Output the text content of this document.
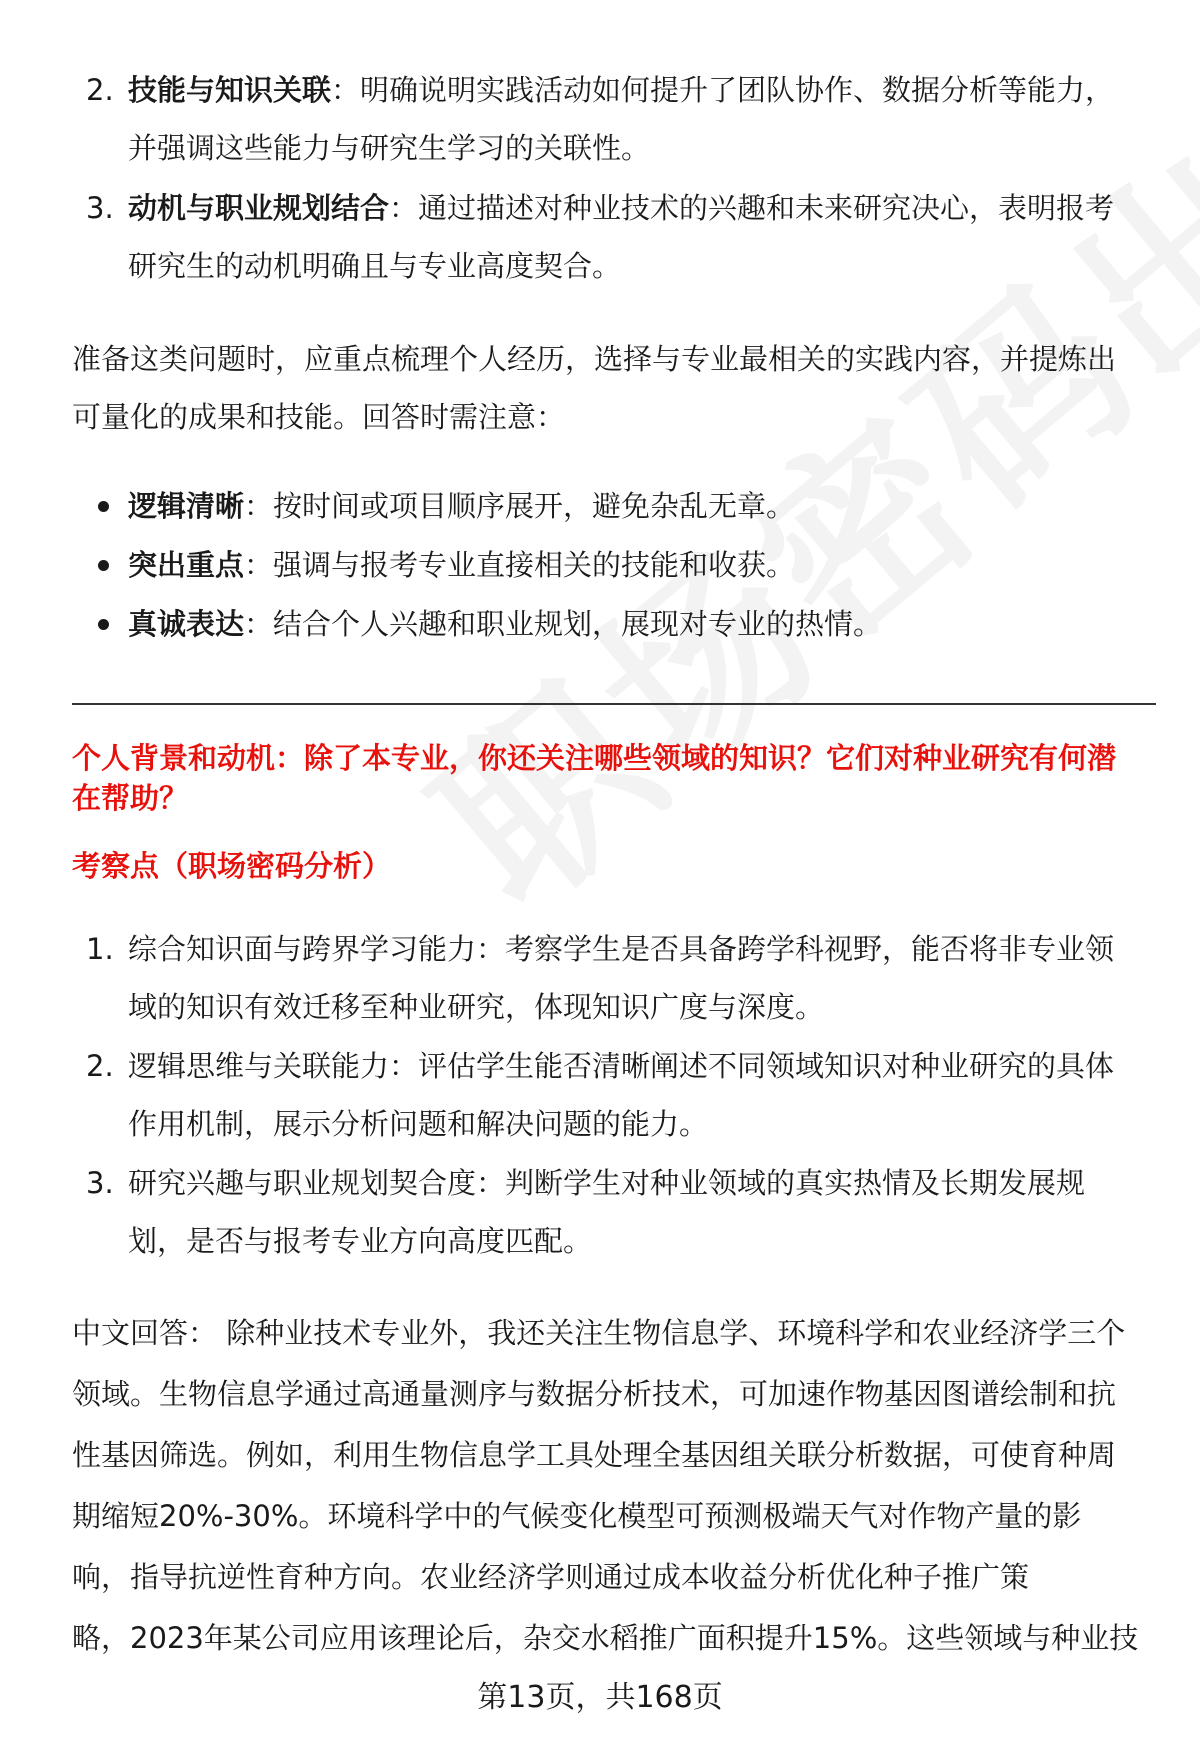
2. 技能与知识关联：明确说明实践活动如何提升了团队协作、数据分析等能力，
并强调这些能力与研究生学习的关联性。
3. 动机与职业规划结合：通过描述对种业技术的兴趣和未来研究决心，表明报考
研究生的动机明确且与专业高度契合。
准备这类问题时，应重点梳理个人经历，选择与专业最相关的实践内容，并提炼出
可量化的成果和技能。回答时需注意：
逻辑清晰：按时间或项目顺序展开，避免杂乱无章。
突出重点：强调与报考专业直接相关的技能和收获。
真诚表达：结合个人兴趣和职业规划，展现对专业的热情。
个人背景和动机：除了本专业，你还关注哪些领域的知识？它们对种业研究有何潜
在帮助？
考察点（职场密码分析）
1. 综合知识面与跨界学习能力：考察学生是否具备跨学科视野，能否将非专业领
域的知识有效迁移至种业研究，体现知识广度与深度。
2. 逻辑思维与关联能力：评估学生能否清晰阐述不同领域知识对种业研究的具体
作用机制，展示分析问题和解决问题的能力。
3. 研究兴趣与职业规划契合度：判断学生对种业领域的真实热情及长期发展规
划，是否与报考专业方向高度匹配。
中文回答： 除种业技术专业外，我还关注生物信息学、环境科学和农业经济学三个
领域。生物信息学通过高通量测序与数据分析技术，可加速作物基因图谱绘制和抗
性基因筛选。例如，利用生物信息学工具处理全基因组关联分析数据，可使育种周
期缩短20%-30%。环境科学中的气候变化模型可预测极端天气对作物产量的影
响，指导抗逆性育种方向。农业经济学则通过成本收益分析优化种子推广策
略，2023年某公司应用该理论后，杂交水稻推广面积提升15%。这些领域与种业技
第13页，共168页
